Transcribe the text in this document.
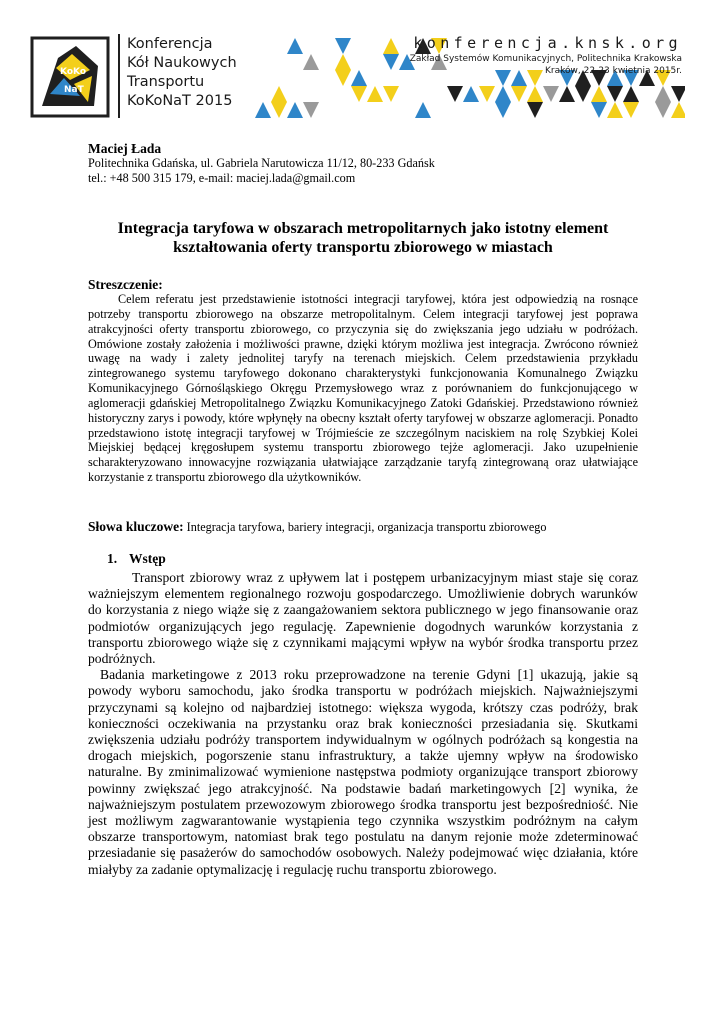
KoKo
NaT
Konferencja
Kół Naukowych
Transportu
KoKoNaT 2015
konferencja.knsk.org
Zakład Systemów Komunikacyjnych, Politechnika Krakowska
Kraków, 22-23 kwietnia 2015r.
Maciej Łada
Politechnika Gdańska, ul. Gabriela Narutowicza 11/12, 80-233 Gdańsk
tel.: +48 500 315 179, e-mail: maciej.lada@gmail.com
Integracja taryfowa w obszarach metropolitarnych jako istotny element
kształtowania oferty transportu zbiorowego w miastach
Streszczenie:
Celem referatu jest przedstawienie istotności integracji taryfowej, która jest odpowiedzią na rosnące potrzeby transportu zbiorowego na obszarze metropolitalnym. Celem integracji taryfowej jest poprawa atrakcyjności oferty transportu zbiorowego, co przyczynia się do zwiększania jego udziału w podróżach. Omówione zostały założenia i możliwości prawne, dzięki którym możliwa jest integracja. Zwrócono również uwagę na wady i zalety jednolitej taryfy na terenach miejskich. Celem przedstawienia przykładu zintegrowanego systemu taryfowego dokonano charakterystyki funkcjonowania Komunalnego Związku Komunikacyjnego Górnośląskiego Okręgu Przemysłowego wraz z porównaniem do funkcjonującego w aglomeracji gdańskiej Metropolitalnego Związku Komunikacyjnego Zatoki Gdańskiej. Przedstawiono również historyczny zarys i powody, które wpłynęły na obecny kształt oferty taryfowej w obszarze aglomeracji. Ponadto przedstawiono istotę integracji taryfowej w Trójmieście ze szczególnym naciskiem na rolę Szybkiej Kolei Miejskiej będącej kręgosłupem systemu transportu zbiorowego tejże aglomeracji. Jako uzupełnienie scharakteryzowano innowacyjne rozwiązania ułatwiające zarządzanie taryfą zintegrowaną oraz ułatwiające korzystanie z transportu zbiorowego dla użytkowników.
Słowa kluczowe: Integracja taryfowa, bariery integracji, organizacja transportu zbiorowego
1. Wstęp

Transport zbiorowy wraz z upływem lat i postępem urbanizacyjnym miast staje się coraz ważniejszym elementem regionalnego rozwoju gospodarczego. Umożliwienie dobrych warunków do korzystania z niego wiąże się z zaangażowaniem sektora publicznego w jego finansowanie oraz podmiotów organizujących jego regulację. Zapewnienie dogodnych warunków korzystania z transportu zbiorowego wiąże się z czynnikami mającymi wpływ na wybór środka transportu przez podróżnych.

Badania marketingowe z 2013 roku przeprowadzone na terenie Gdyni [1] ukazują, jakie są powody wyboru samochodu, jako środka transportu w podróżach miejskich. Najważniejszymi przyczynami są kolejno od najbardziej istotnego: większa wygoda, krótszy czas podróży, brak konieczności oczekiwania na przystanku oraz brak konieczności przesiadania się. Skutkami zwiększenia udziału podróży transportem indywidualnym w ogólnych podróżach są kongestia na drogach miejskich, pogorszenie stanu infrastruktury, a także ujemny wpływ na środowisko naturalne. By zminimalizować wymienione następstwa podmioty organizujące transport zbiorowy powinny zwiększać jego atrakcyjność. Na podstawie badań marketingowych [2] wynika, że najważniejszym postulatem przewozowym zbiorowego środka transportu jest bezpośredniość. Nie jest możliwym zagwarantowanie wystąpienia tego czynnika wszystkim podróżnym na całym obszarze transportowym, natomiast brak tego postulatu na danym rejonie może zdeterminować przesiadanie się pasażerów do samochodów osobowych. Należy podejmować więc działania, które miałyby za zadanie optymalizację i regulację ruchu transportu zbiorowego.
